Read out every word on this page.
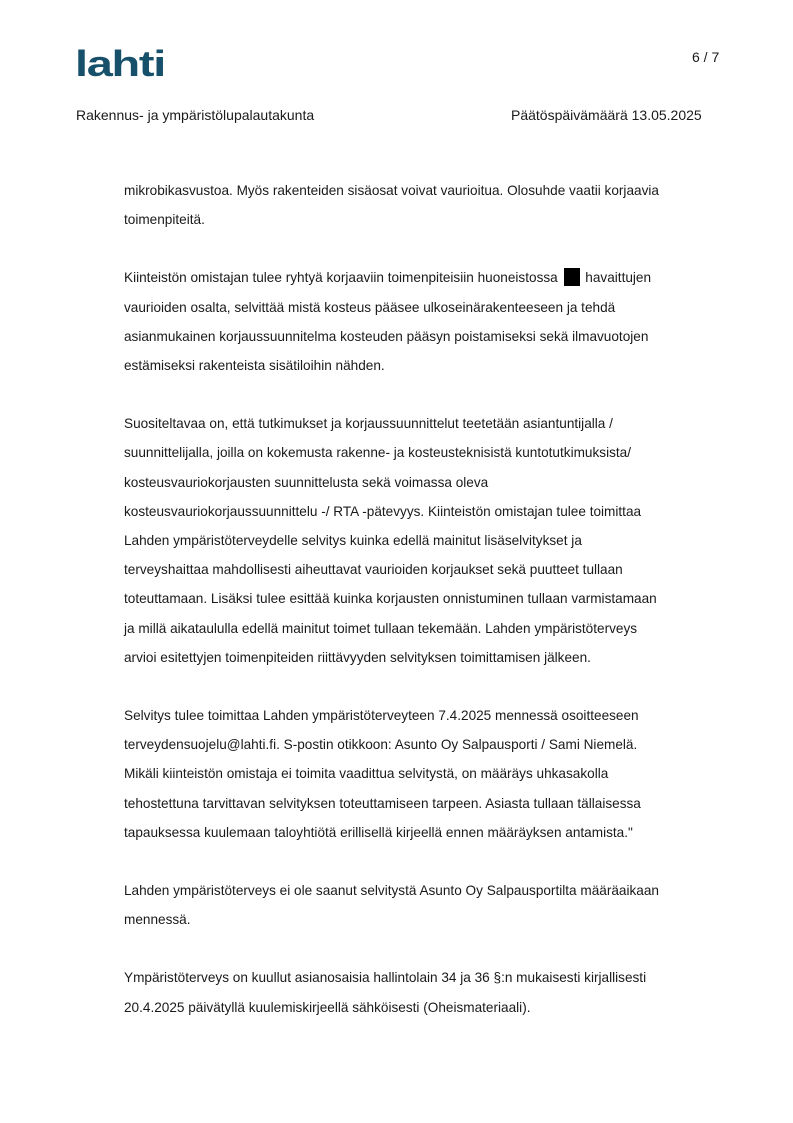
lahti	6 / 7
Rakennus- ja ympäristölupalautakunta	Päätöspäivämäärä 13.05.2025

mikrobikasvustoa. Myös rakenteiden sisäosat voivat vaurioitua. Olosuhde vaatii korjaavia
toimenpiteitä.

Kiinteistön omistajan tulee ryhtyä korjaaviin toimenpiteisiin huoneistossa havaittujen
vaurioiden osalta, selvittää mistä kosteus pääsee ulkoseinärakenteeseen ja tehdä
asianmukainen korjaussuunnitelma kosteuden pääsyn poistamiseksi sekä ilmavuotojen
estämiseksi rakenteista sisätiloihin nähden.

Suositeltavaa on, että tutkimukset ja korjaussuunnittelut teetetään asiantuntijalla /
suunnittelijalla, joilla on kokemusta rakenne- ja kosteusteknisistä kuntotutkimuksista/
kosteusvauriokorjausten suunnittelusta sekä voimassa oleva
kosteusvauriokorjaussuunnittelu -/ RTA -pätevyys. Kiinteistön omistajan tulee toimittaa
Lahden ympäristöterveydelle selvitys kuinka edellä mainitut lisäselvitykset ja
terveyshaittaa mahdollisesti aiheuttavat vaurioiden korjaukset sekä puutteet tullaan
toteuttamaan. Lisäksi tulee esittää kuinka korjausten onnistuminen tullaan varmistamaan
ja millä aikataululla edellä mainitut toimet tullaan tekemään. Lahden ympäristöterveys
arvioi esitettyjen toimenpiteiden riittävyyden selvityksen toimittamisen jälkeen.

Selvitys tulee toimittaa Lahden ympäristöterveyteen 7.4.2025 mennessä osoitteeseen
terveydensuojelu@lahti.fi. S-postin otikkoon: Asunto Oy Salpausporti / Sami Niemelä.
Mikäli kiinteistön omistaja ei toimita vaadittua selvitystä, on määräys uhkasakolla
tehostettuna tarvittavan selvityksen toteuttamiseen tarpeen. Asiasta tullaan tällaisessa
tapauksessa kuulemaan taloyhtiötä erillisellä kirjeellä ennen määräyksen antamista."

Lahden ympäristöterveys ei ole saanut selvitystä Asunto Oy Salpausportilta määräaikaan
mennessä.

Ympäristöterveys on kuullut asianosaisia hallintolain 34 ja 36 §:n mukaisesti kirjallisesti
20.4.2025 päivätyllä kuulemiskirjeellä sähköisesti (Oheismateriaali).
